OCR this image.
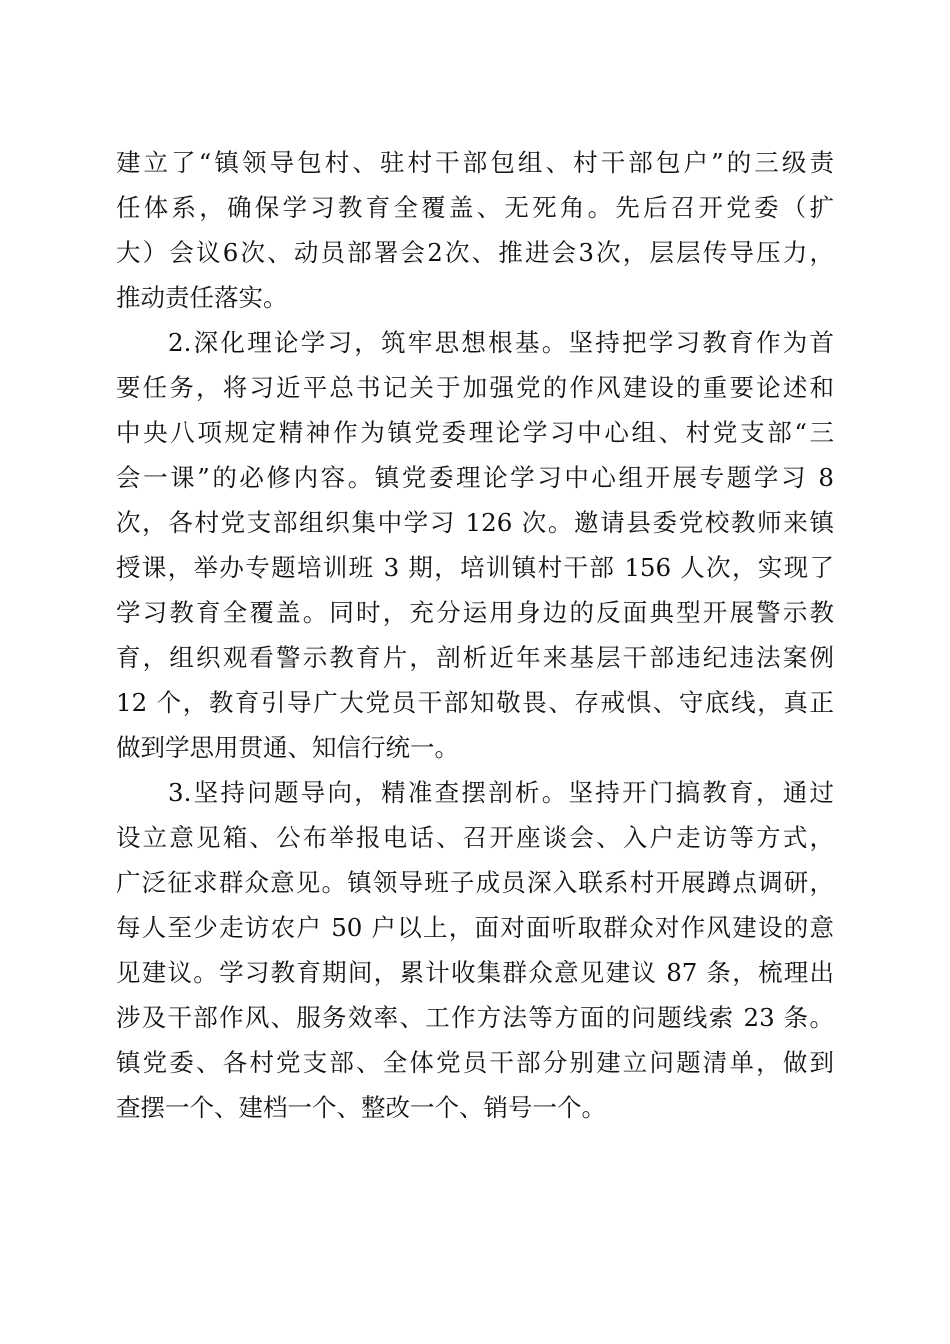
建立了“镇领导包村、驻村干部包组、村干部包户”的三级责
任体系，确保学习教育全覆盖、无死角。先后召开党委（扩
大）会议6次、动员部署会2次、推进会3次，层层传导压力，
推动责任落实。
2.深化理论学习，筑牢思想根基。坚持把学习教育作为首
要任务，将习近平总书记关于加强党的作风建设的重要论述和
中央八项规定精神作为镇党委理论学习中心组、村党支部“三
会一课”的必修内容。镇党委理论学习中心组开展专题学习 8
次，各村党支部组织集中学习 126 次。邀请县委党校教师来镇
授课，举办专题培训班 3 期，培训镇村干部 156 人次，实现了
学习教育全覆盖。同时，充分运用身边的反面典型开展警示教
育，组织观看警示教育片，剖析近年来基层干部违纪违法案例
12 个，教育引导广大党员干部知敬畏、存戒惧、守底线，真正
做到学思用贯通、知信行统一。
3.坚持问题导向，精准查摆剖析。坚持开门搞教育，通过
设立意见箱、公布举报电话、召开座谈会、入户走访等方式，
广泛征求群众意见。镇领导班子成员深入联系村开展蹲点调研，
每人至少走访农户 50 户以上，面对面听取群众对作风建设的意
见建议。学习教育期间，累计收集群众意见建议 87 条，梳理出
涉及干部作风、服务效率、工作方法等方面的问题线索 23 条。
镇党委、各村党支部、全体党员干部分别建立问题清单，做到
查摆一个、建档一个、整改一个、销号一个。
